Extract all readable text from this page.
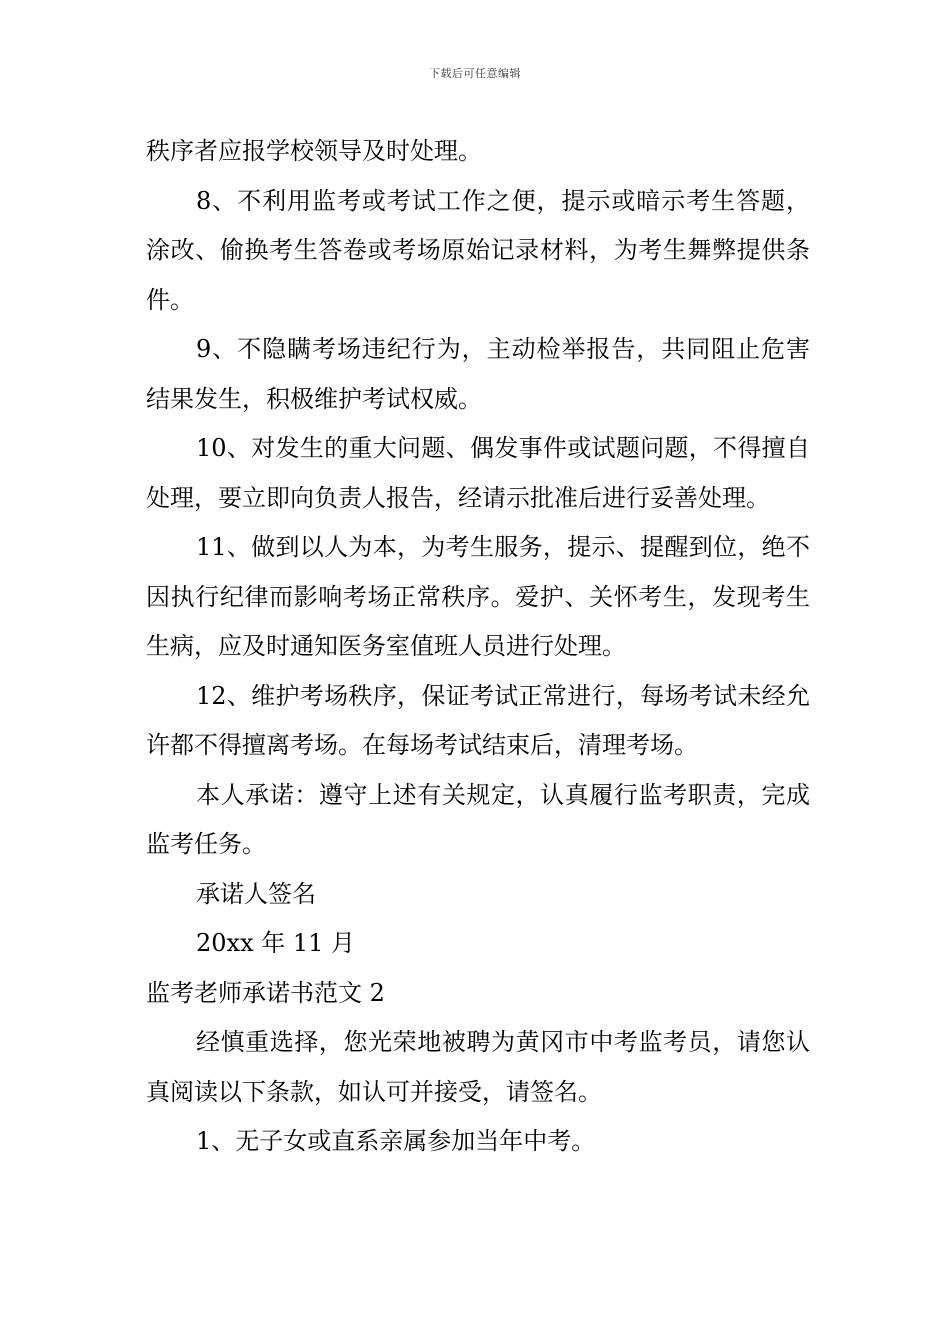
下载后可任意编辑

秩序者应报学校领导及时处理。

8、不利用监考或考试工作之便，提示或暗示考生答题，涂改、偷换考生答卷或考场原始记录材料，为考生舞弊提供条件。

9、不隐瞒考场违纪行为，主动检举报告，共同阻止危害结果发生，积极维护考试权威。

10、对发生的重大问题、偶发事件或试题问题，不得擅自处理，要立即向负责人报告，经请示批准后进行妥善处理。

11、做到以人为本，为考生服务，提示、提醒到位，绝不因执行纪律而影响考场正常秩序。爱护、关怀考生，发现考生生病，应及时通知医务室值班人员进行处理。

12、维护考场秩序，保证考试正常进行，每场考试未经允许都不得擅离考场。在每场考试结束后，清理考场。

本人承诺：遵守上述有关规定，认真履行监考职责，完成监考任务。

承诺人签名

20xx 年 11 月

监考老师承诺书范文 2

经慎重选择，您光荣地被聘为黄冈市中考监考员，请您认真阅读以下条款，如认可并接受，请签名。

1、无子女或直系亲属参加当年中考。
